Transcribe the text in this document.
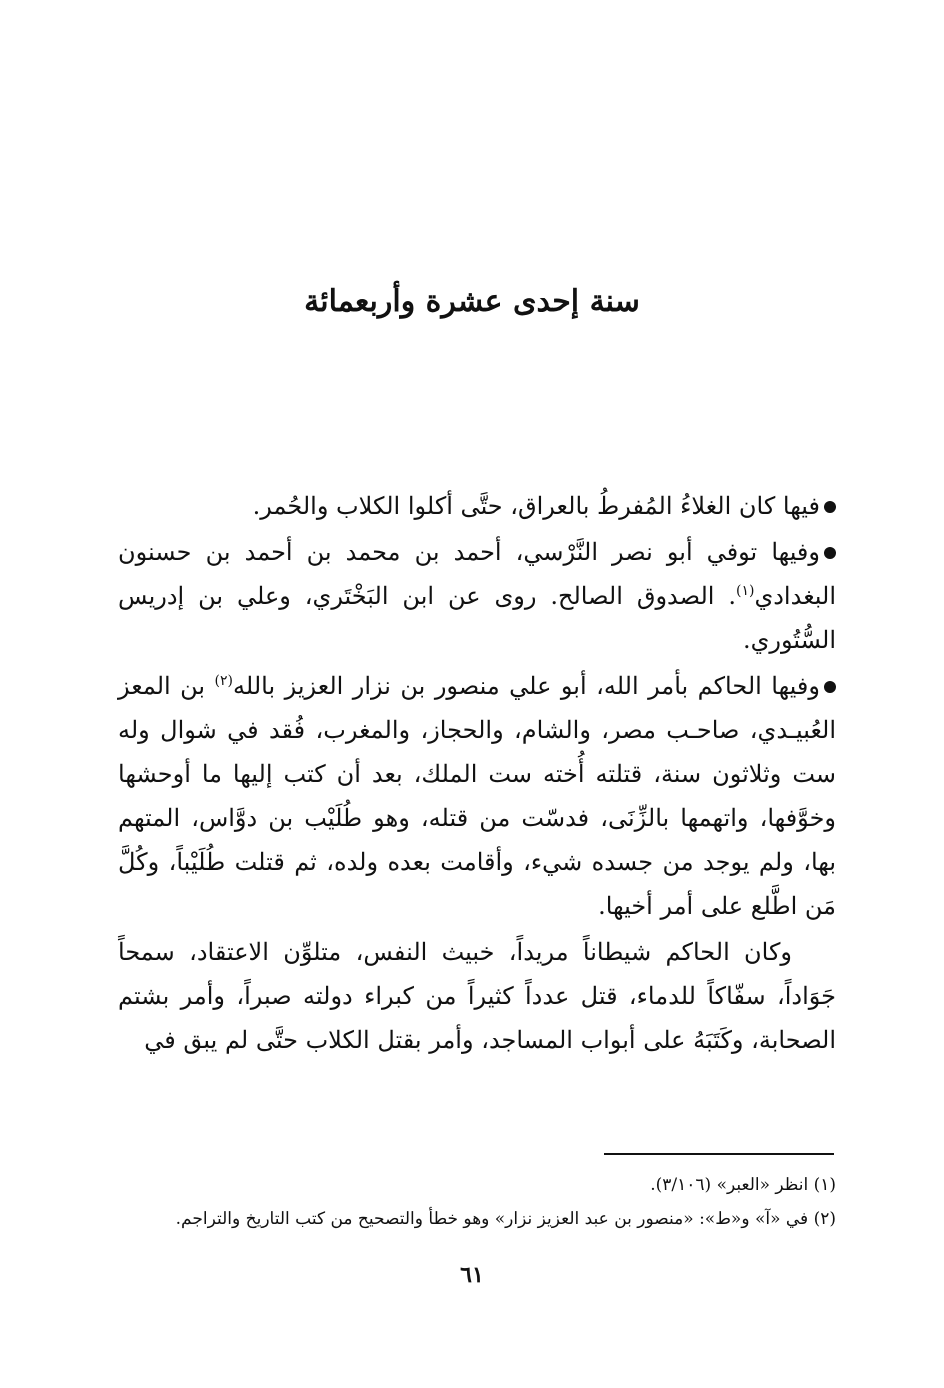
سنة إحدى عشرة وأربعمائة

فيها كان الغلاءُ المُفرطُ بالعراق، حتَّى أكلوا الكلاب والحُمر.

وفيها توفي أبو نصر النَّرْسي، أحمد بن محمد بن أحمد بن حسنون البغدادي$^{(١)}$. الصدوق الصالح. روى عن ابن البَخْتَري، وعلي بن إدريس السُّتُوري.

وفيها الحاكم بأمر الله، أبو علي منصور بن نزار العزيز بالله$^{(٢)}$ بن المعز العُبيـدي، صاحـب مصر، والشام، والحجاز، والمغرب، فُقد في شوال وله ست وثلاثون سنة، قتلته أُخته ست الملك، بعد أن كتب إليها ما أوحشها وخوَّفها، واتهمها بالزِّنَى، فدسّت من قتله، وهو طُلَيْب بن دوَّاس، المتهم بها، ولم يوجد من جسده شيء، وأقامت بعده ولده، ثم قتلت طُلَيْباً، وكُلَّ مَن اطَّلع على أمر أخيها.

وكان الحاكم شيطاناً مريداً، خبيث النفس، متلوِّن الاعتقاد، سمحاً جَوَاداً، سفّاكاً للدماء، قتل عدداً كثيراً من كبراء دولته صبراً، وأمر بشتم الصحابة، وكَتَبَهُ على أبواب المساجد، وأمر بقتل الكلاب حتَّى لم يبق في

(١) انظر «العبر» (٣/١٠٦).

(٢) في «آ» و«ط»: «منصور بن عبد العزيز نزار» وهو خطأ والتصحيح من كتب التاريخ والتراجم.

٦١
